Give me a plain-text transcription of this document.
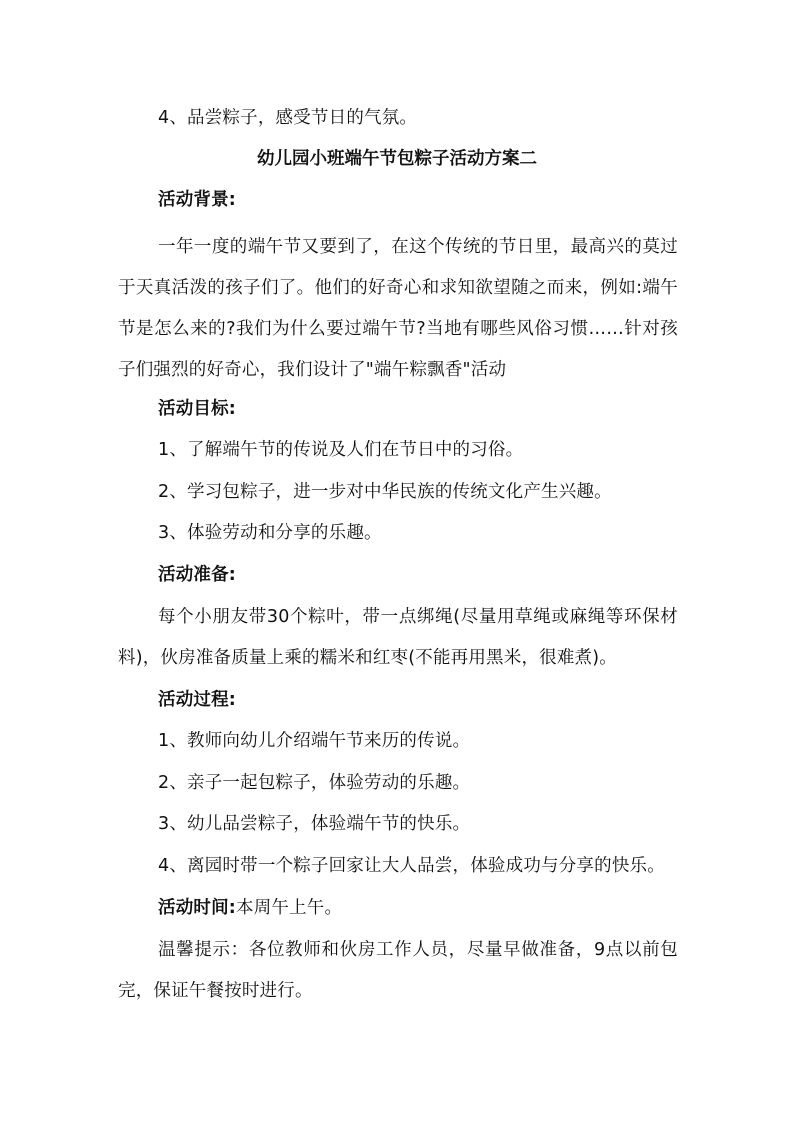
4、品尝粽子，感受节日的气氛。
幼儿园小班端午节包粽子活动方案二
活动背景:
一年一度的端午节又要到了，在这个传统的节日里，最高兴的莫过于天真活泼的孩子们了。他们的好奇心和求知欲望随之而来，例如:端午节是怎么来的?我们为什么要过端午节?当地有哪些风俗习惯……针对孩子们强烈的好奇心，我们设计了"端午粽飘香"活动
活动目标:
1、了解端午节的传说及人们在节日中的习俗。
2、学习包粽子，进一步对中华民族的传统文化产生兴趣。
3、体验劳动和分享的乐趣。
活动准备:
每个小朋友带30个粽叶，带一点绑绳(尽量用草绳或麻绳等环保材料)，伙房准备质量上乘的糯米和红枣(不能再用黑米，很难煮)。
活动过程:
1、教师向幼儿介绍端午节来历的传说。
2、亲子一起包粽子，体验劳动的乐趣。
3、幼儿品尝粽子，体验端午节的快乐。
4、离园时带一个粽子回家让大人品尝，体验成功与分享的快乐。
活动时间:本周午上午。
温馨提示：各位教师和伙房工作人员，尽量早做准备，9点以前包完，保证午餐按时进行。
